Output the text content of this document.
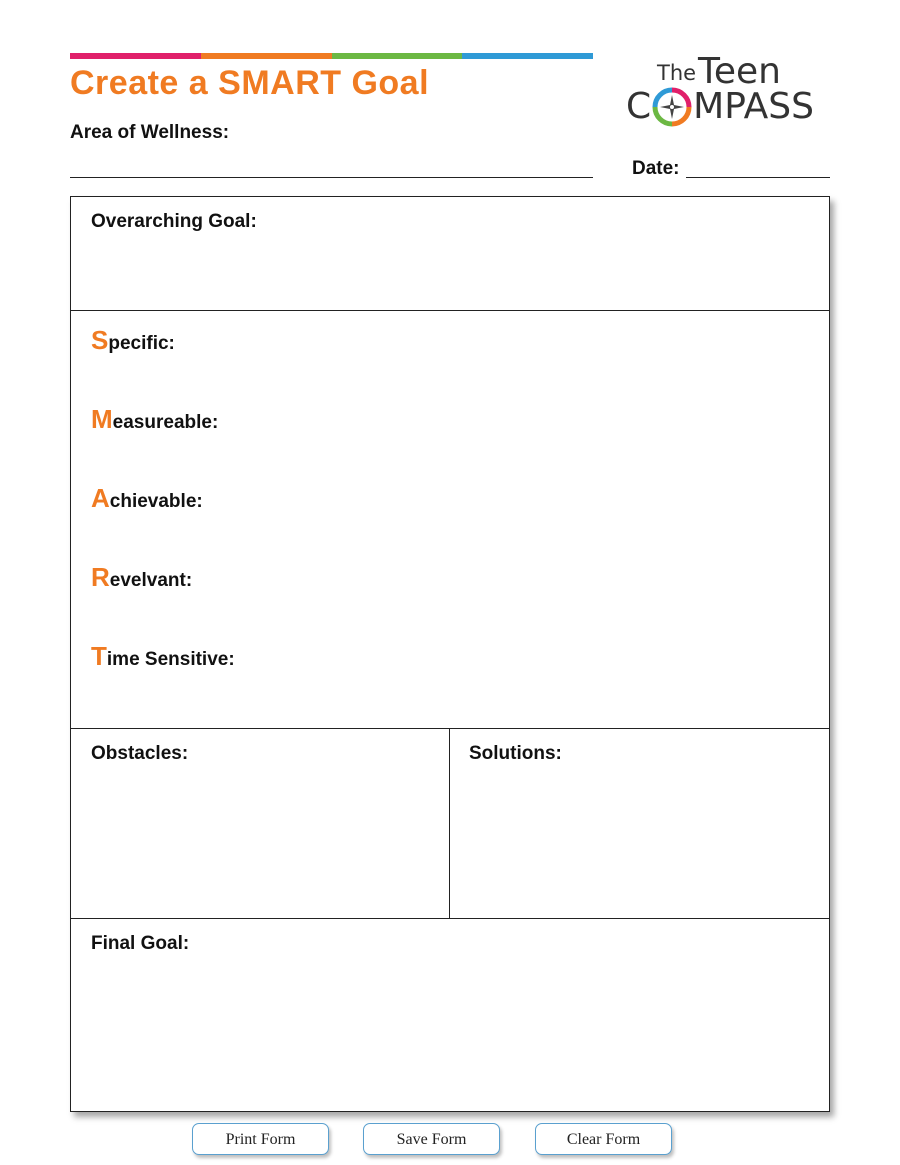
Create a SMART Goal
Area of Wellness:
Date:
The Teen
C MPASS
Overarching Goal:
Specific:
Measureable:
Achievable:
Revelvant:
Time Sensitive:
Obstacles:	Solutions:
Final Goal:
Print Form	Save Form	Clear Form
